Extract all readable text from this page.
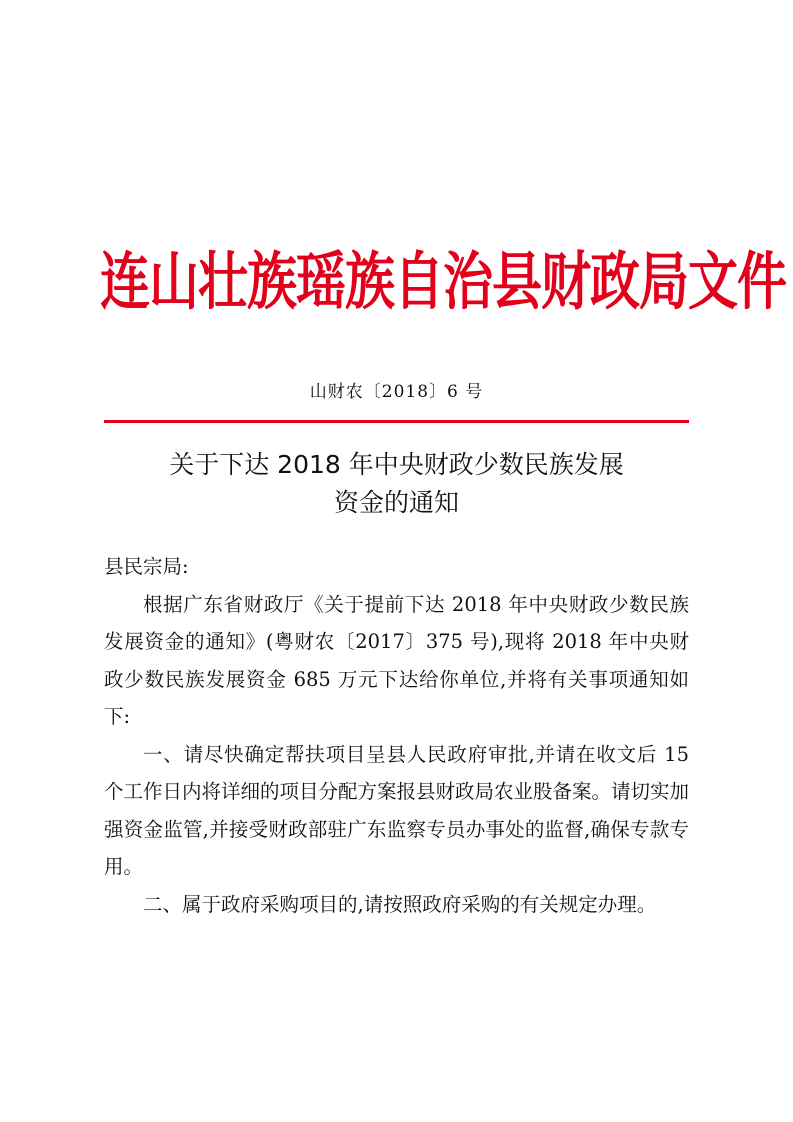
连山壮族瑶族自治县财政局文件
山财农〔2018〕6 号
关于下达 2018 年中央财政少数民族发展
资金的通知

县民宗局:

根据广东省财政厅《关于提前下达 2018 年中央财政少数民族发展资金的通知》(粤财农〔2017〕375 号),现将 2018 年中央财政少数民族发展资金 685 万元下达给你单位,并将有关事项通知如下:

一、请尽快确定帮扶项目呈县人民政府审批,并请在收文后 15 个工作日内将详细的项目分配方案报县财政局农业股备案。请切实加强资金监管,并接受财政部驻广东监察专员办事处的监督,确保专款专用。

二、属于政府采购项目的,请按照政府采购的有关规定办理。
